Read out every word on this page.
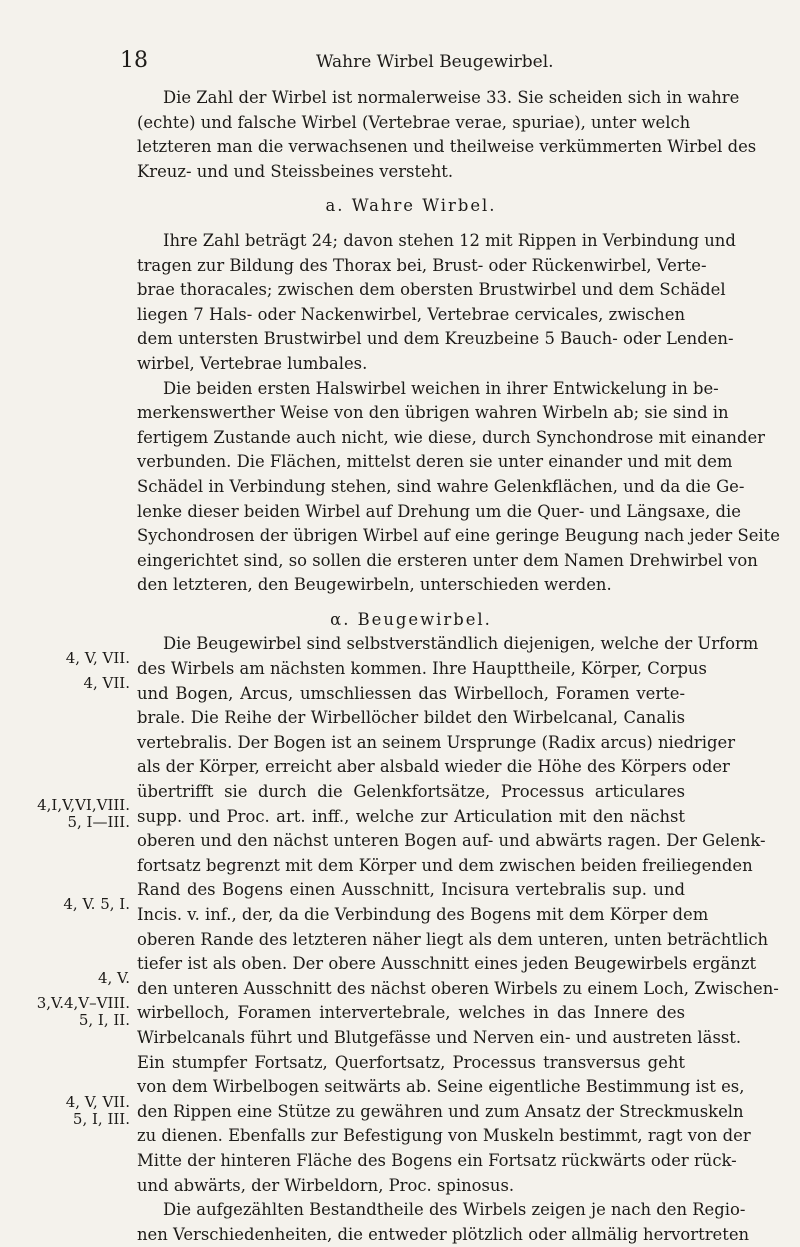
18	Wahre Wirbel Beugewirbel.
4, V, VII.
4, VII.
4,I,V,VI,VIII.
5, I—III.
4, V. 5, I.
4, V.
3,V.4,V–VIII.
5, I, II.
4, V, VII.
5, I, III.
Die Zahl der Wirbel ist normalerweise 33. Sie scheiden sich in wahre
(echte) und falsche Wirbel (Vertebrae verae, spuriae), unter welch
letzteren man die verwachsenen und theilweise verkümmerten Wirbel des
Kreuz- und und Steissbeines versteht.
a. Wahre Wirbel.
Ihre Zahl beträgt 24; davon stehen 12 mit Rippen in Verbindung und
tragen zur Bildung des Thorax bei, Brust- oder Rückenwirbel, Verte-
brae thoracales; zwischen dem obersten Brustwirbel und dem Schädel
liegen 7 Hals- oder Nackenwirbel, Vertebrae cervicales, zwischen
dem untersten Brustwirbel und dem Kreuzbeine 5 Bauch- oder Lenden-
wirbel, Vertebrae lumbales.
Die beiden ersten Halswirbel weichen in ihrer Entwickelung in be-
merkenswerther Weise von den übrigen wahren Wirbeln ab; sie sind in
fertigem Zustande auch nicht, wie diese, durch Synchondrose mit einander
verbunden. Die Flächen, mittelst deren sie unter einander und mit dem
Schädel in Verbindung stehen, sind wahre Gelenkflächen, und da die Ge-
lenke dieser beiden Wirbel auf Drehung um die Quer- und Längsaxe, die
Sychondrosen der übrigen Wirbel auf eine geringe Beugung nach jeder Seite
eingerichtet sind, so sollen die ersteren unter dem Namen Drehwirbel von
den letzteren, den Beugewirbeln, unterschieden werden.
α. Beugewirbel.
Die Beugewirbel sind selbstverständlich diejenigen, welche der Urform
des Wirbels am nächsten kommen. Ihre Haupttheile, Körper, Corpus
und Bogen, Arcus, umschliessen das Wirbelloch, Foramen verte-
brale. Die Reihe der Wirbellöcher bildet den Wirbelcanal, Canalis
vertebralis. Der Bogen ist an seinem Ursprunge (Radix arcus) niedriger
als der Körper, erreicht aber alsbald wieder die Höhe des Körpers oder
übertrifft sie durch die Gelenkfortsätze, Processus articulares
supp. und Proc. art. inff., welche zur Articulation mit den nächst
oberen und den nächst unteren Bogen auf- und abwärts ragen. Der Gelenk-
fortsatz begrenzt mit dem Körper und dem zwischen beiden freiliegenden
Rand des Bogens einen Ausschnitt, Incisura vertebralis sup. und
Incis. v. inf., der, da die Verbindung des Bogens mit dem Körper dem
oberen Rande des letzteren näher liegt als dem unteren, unten beträchtlich
tiefer ist als oben. Der obere Ausschnitt eines jeden Beugewirbels ergänzt
den unteren Ausschnitt des nächst oberen Wirbels zu einem Loch, Zwischen-
wirbelloch, Foramen intervertebrale, welches in das Innere des
Wirbelcanals führt und Blutgefässe und Nerven ein- und austreten lässt.
Ein stumpfer Fortsatz, Querfortsatz, Processus transversus geht
von dem Wirbelbogen seitwärts ab. Seine eigentliche Bestimmung ist es,
den Rippen eine Stütze zu gewähren und zum Ansatz der Streckmuskeln
zu dienen. Ebenfalls zur Befestigung von Muskeln bestimmt, ragt von der
Mitte der hinteren Fläche des Bogens ein Fortsatz rückwärts oder rück-
und abwärts, der Wirbeldorn, Proc. spinosus.
Die aufgezählten Bestandtheile des Wirbels zeigen je nach den Regio-
nen Verschiedenheiten, die entweder plötzlich oder allmälig hervortreten
